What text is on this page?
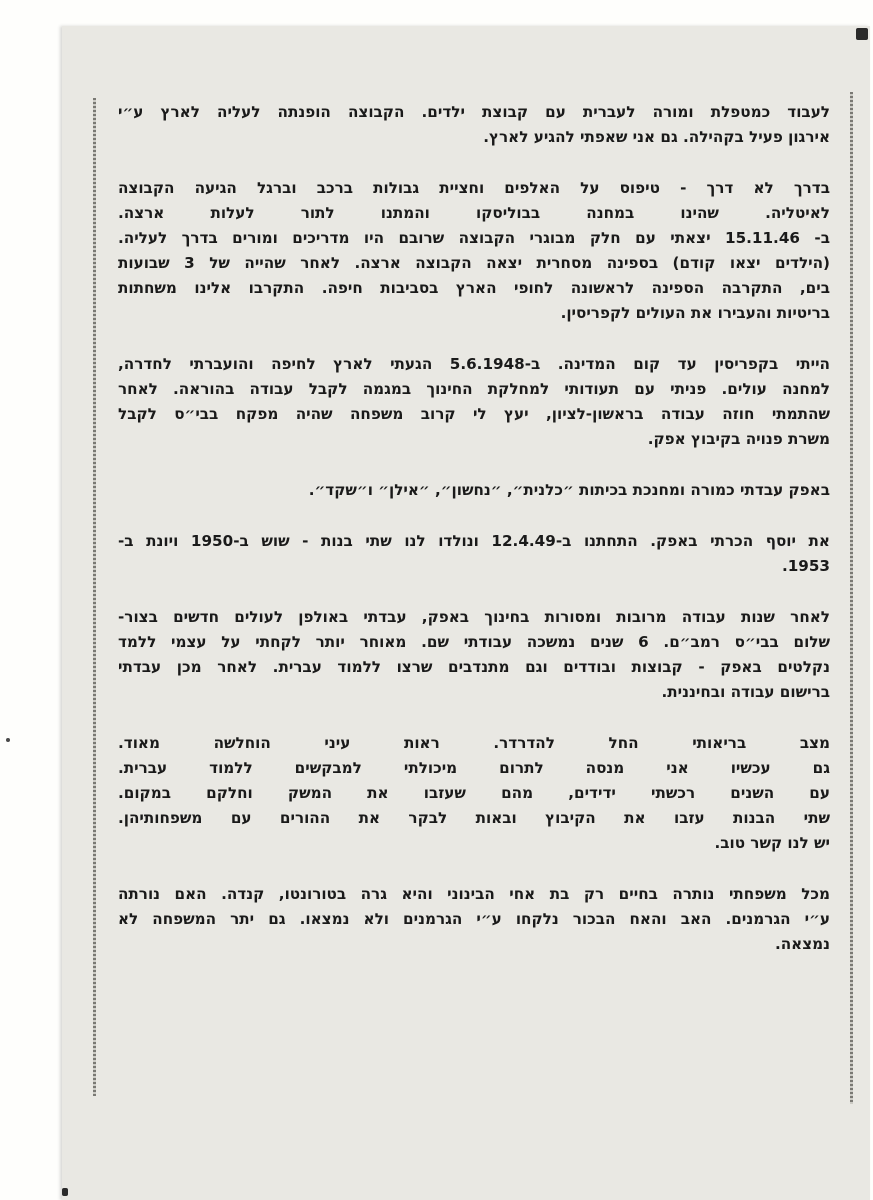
לעבוד כמטפלת ומורה לעברית עם קבוצת ילדים. הקבוצה הופנתה לעליה לארץ ע״י
אירגון פעיל בקהילה. גם אני שאפתי להגיע לארץ.

בדרך לא דרך - טיפוס על האלפים וחציית גבולות ברכב וברגל הגיעה הקבוצה
לאיטליה. שהינו במחנה בבוליסקו והמתנו לתור לעלות ארצה.
ב- 15.11.46 יצאתי עם חלק מבוגרי הקבוצה שרובם היו מדריכים ומורים בדרך לעליה.
(הילדים יצאו קודם) בספינה מסחרית יצאה הקבוצה ארצה. לאחר שהייה של 3 שבועות
בים, התקרבה הספינה לראשונה לחופי הארץ בסביבות חיפה. התקרבו אלינו משחתות
בריטיות והעבירו את העולים לקפריסין.

הייתי בקפריסין עד קום המדינה. ב-5.6.1948 הגעתי לארץ לחיפה והועברתי לחדרה,
למחנה עולים. פניתי עם תעודותי למחלקת החינוך במגמה לקבל עבודה בהוראה. לאחר
שהתמתי חוזה עבודה בראשון-לציון, יעץ לי קרוב משפחה שהיה מפקח בבי״ס לקבל
משרת פנויה בקיבוץ אפק.

באפק עבדתי כמורה ומחנכת בכיתות ״כלנית״, ״נחשון״, ״אילן״ ו״שקד״.

את יוסף הכרתי באפק. התחתנו ב-12.4.49 ונולדו לנו שתי בנות - שוש ב-1950 ויונת ב-
1953.

לאחר שנות עבודה מרובות ומסורות בחינוך באפק, עבדתי באולפן לעולים חדשים בצור-
שלום בבי״ס רמב״ם. 6 שנים נמשכה עבודתי שם. מאוחר יותר לקחתי על עצמי ללמד
נקלטים באפק - קבוצות ובודדים וגם מתנדבים שרצו ללמוד עברית. לאחר מכן עבדתי
ברישום עבודה ובחיננית.

מצב בריאותי החל להדרדר. ראות עיני הוחלשה מאוד.
גם עכשיו אני מנסה לתרום מיכולתי למבקשים ללמוד עברית.
עם השנים רכשתי ידידים, מהם שעזבו את המשק וחלקם במקום.
שתי הבנות עזבו את הקיבוץ ובאות לבקר את ההורים עם משפחותיהן.
יש לנו קשר טוב.

מכל משפחתי נותרה בחיים רק בת אחי הבינוני והיא גרה בטורונטו, קנדה. האם נורתה
ע״י הגרמנים. האב והאח הבכור נלקחו ע״י הגרמנים ולא נמצאו. גם יתר המשפחה לא
נמצאה.
